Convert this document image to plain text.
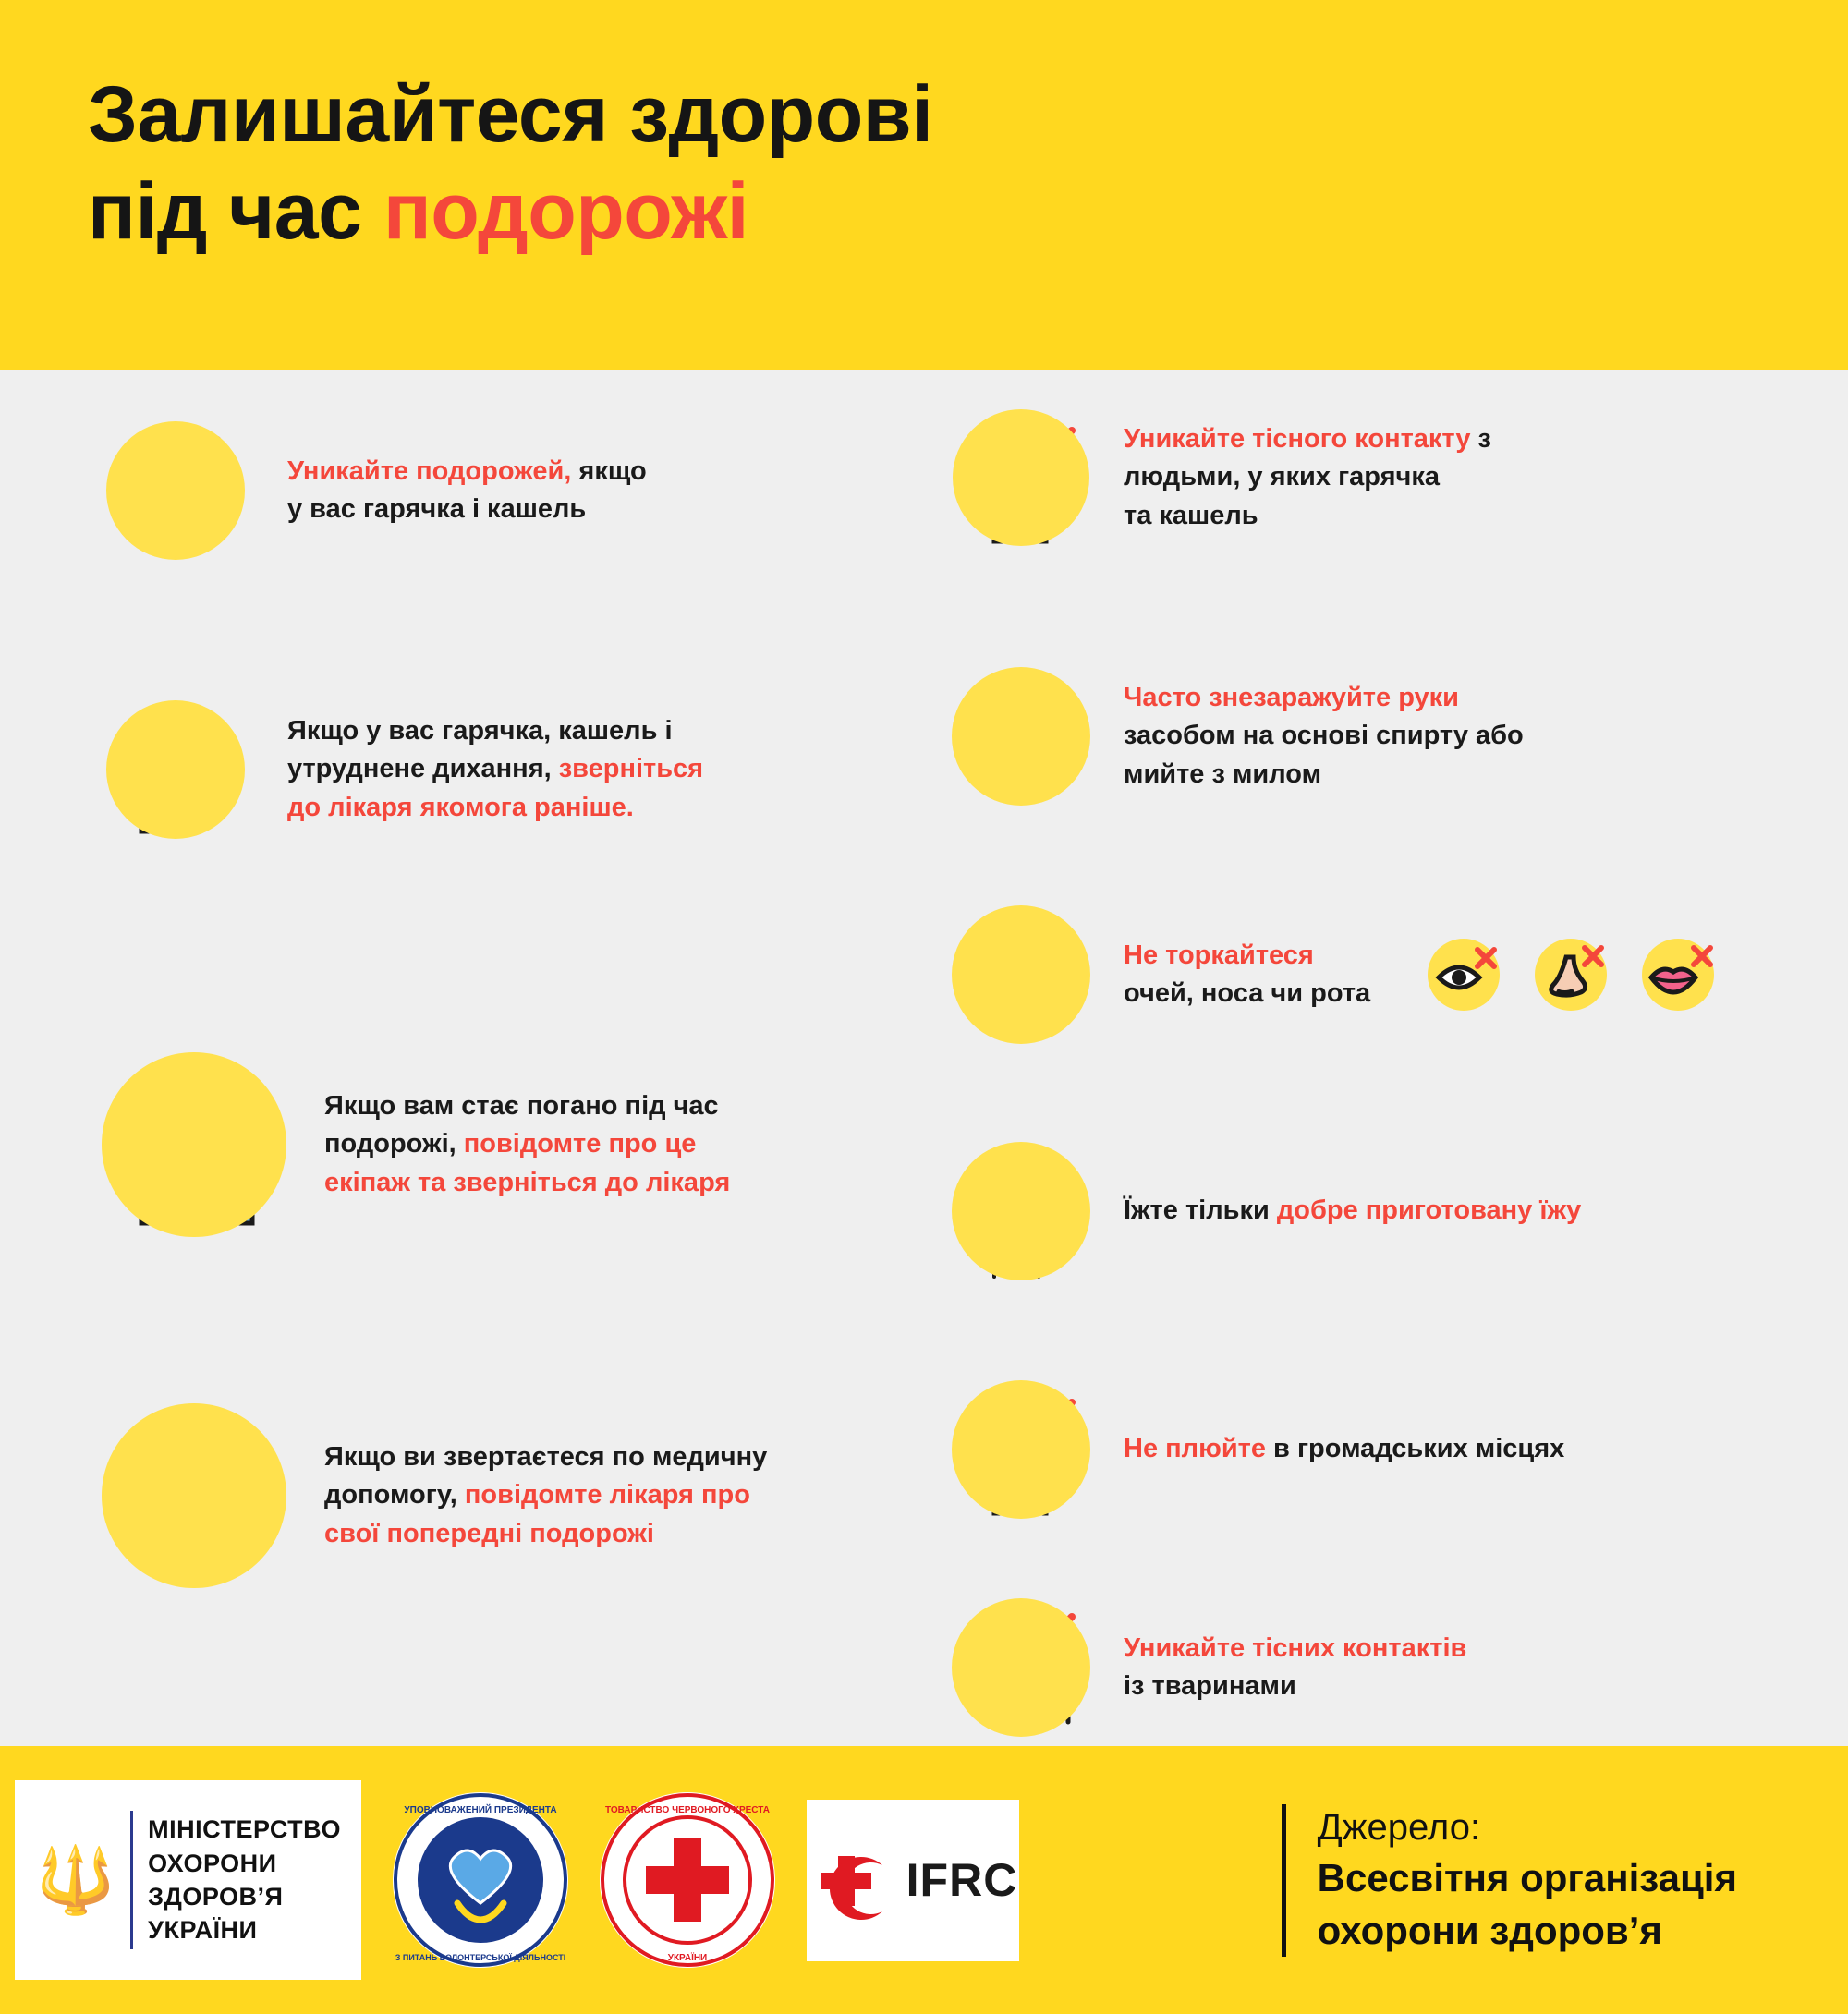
Залишайтеся здорові
під час подорожі
Уникайте подорожей, якщо
у вас гарячка і кашель
Якщо у вас гарячка, кашель і
утруднене дихання, зверніться
до лікаря якомога раніше.
Якщо вам стає погано під час
подорожі, повідомте про це
екіпаж та зверніться до лікаря
Якщо ви звертаєтеся по медичну
допомогу, повідомте лікаря про
свої попередні подорожі
Уникайте тісного контакту з
людьми, у яких гарячка
та кашель
Часто знезаражуйте руки
засобом на основі спирту або
мийте з милом
Не торкайтеся
очей, носа чи рота
Їжте тільки добре приготовану їжу
Не плюйте в громадських місцях
Уникайте тісних контактів
із тваринами
🔱
МІНІСТЕРСТВО
ОХОРОНИ
ЗДОРОВ’Я
УКРАЇНИ
УПОВНОВАЖЕНИЙ ПРЕЗИДЕНТА
З ПИТАНЬ ВОЛОНТЕРСЬКОЇ ДІЯЛЬНОСТІ
ТОВАРИСТВО ЧЕРВОНОГО ХРЕСТА
УКРАЇНИ
IFRC
Джерело:
Всесвітня організація
охорони здоров’я
